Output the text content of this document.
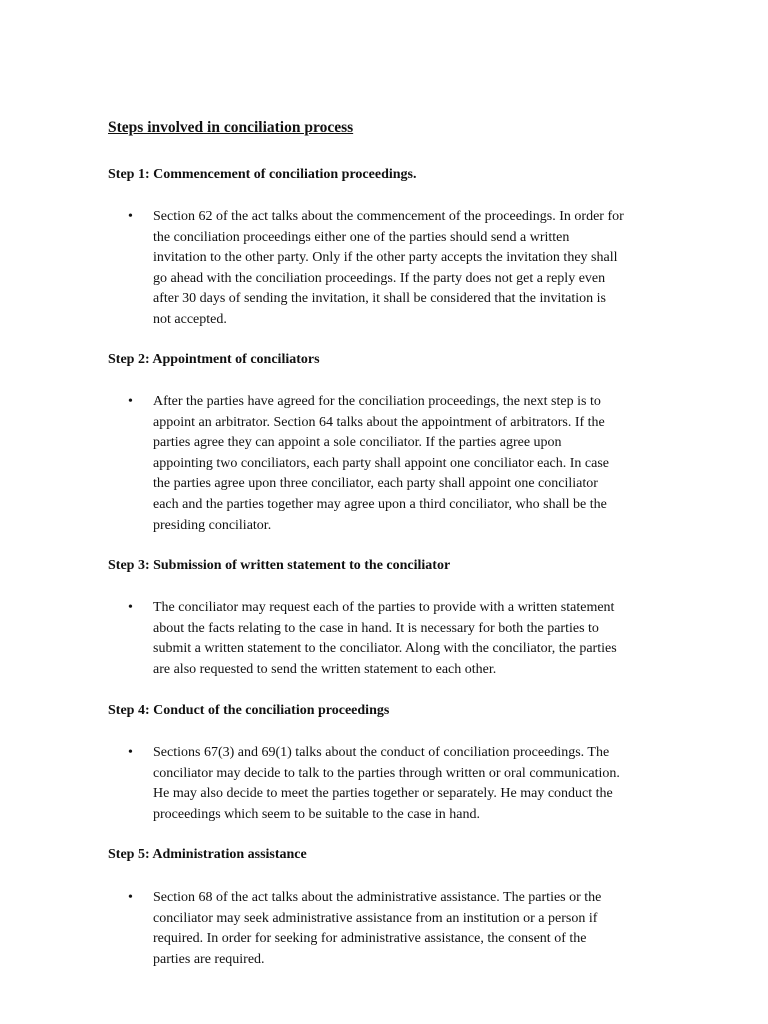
Steps involved in conciliation process
Step 1: Commencement of conciliation proceedings.
• Section 62 of the act talks about the commencement of the proceedings. In order for
the conciliation proceedings either one of the parties should send a written
invitation to the other party. Only if the other party accepts the invitation they shall
go ahead with the conciliation proceedings. If the party does not get a reply even
after 30 days of sending the invitation, it shall be considered that the invitation is
not accepted.
Step 2: Appointment of conciliators
• After the parties have agreed for the conciliation proceedings, the next step is to
appoint an arbitrator. Section 64 talks about the appointment of arbitrators. If the
parties agree they can appoint a sole conciliator. If the parties agree upon
appointing two conciliators, each party shall appoint one conciliator each. In case
the parties agree upon three conciliator, each party shall appoint one conciliator
each and the parties together may agree upon a third conciliator, who shall be the
presiding conciliator.
Step 3: Submission of written statement to the conciliator
• The conciliator may request each of the parties to provide with a written statement
about the facts relating to the case in hand. It is necessary for both the parties to
submit a written statement to the conciliator. Along with the conciliator, the parties
are also requested to send the written statement to each other.
Step 4: Conduct of the conciliation proceedings
• Sections 67(3) and 69(1) talks about the conduct of conciliation proceedings. The
conciliator may decide to talk to the parties through written or oral communication.
He may also decide to meet the parties together or separately. He may conduct the
proceedings which seem to be suitable to the case in hand.
Step 5: Administration assistance
• Section 68 of the act talks about the administrative assistance. The parties or the
conciliator may seek administrative assistance from an institution or a person if
required. In order for seeking for administrative assistance, the consent of the
parties are required.
